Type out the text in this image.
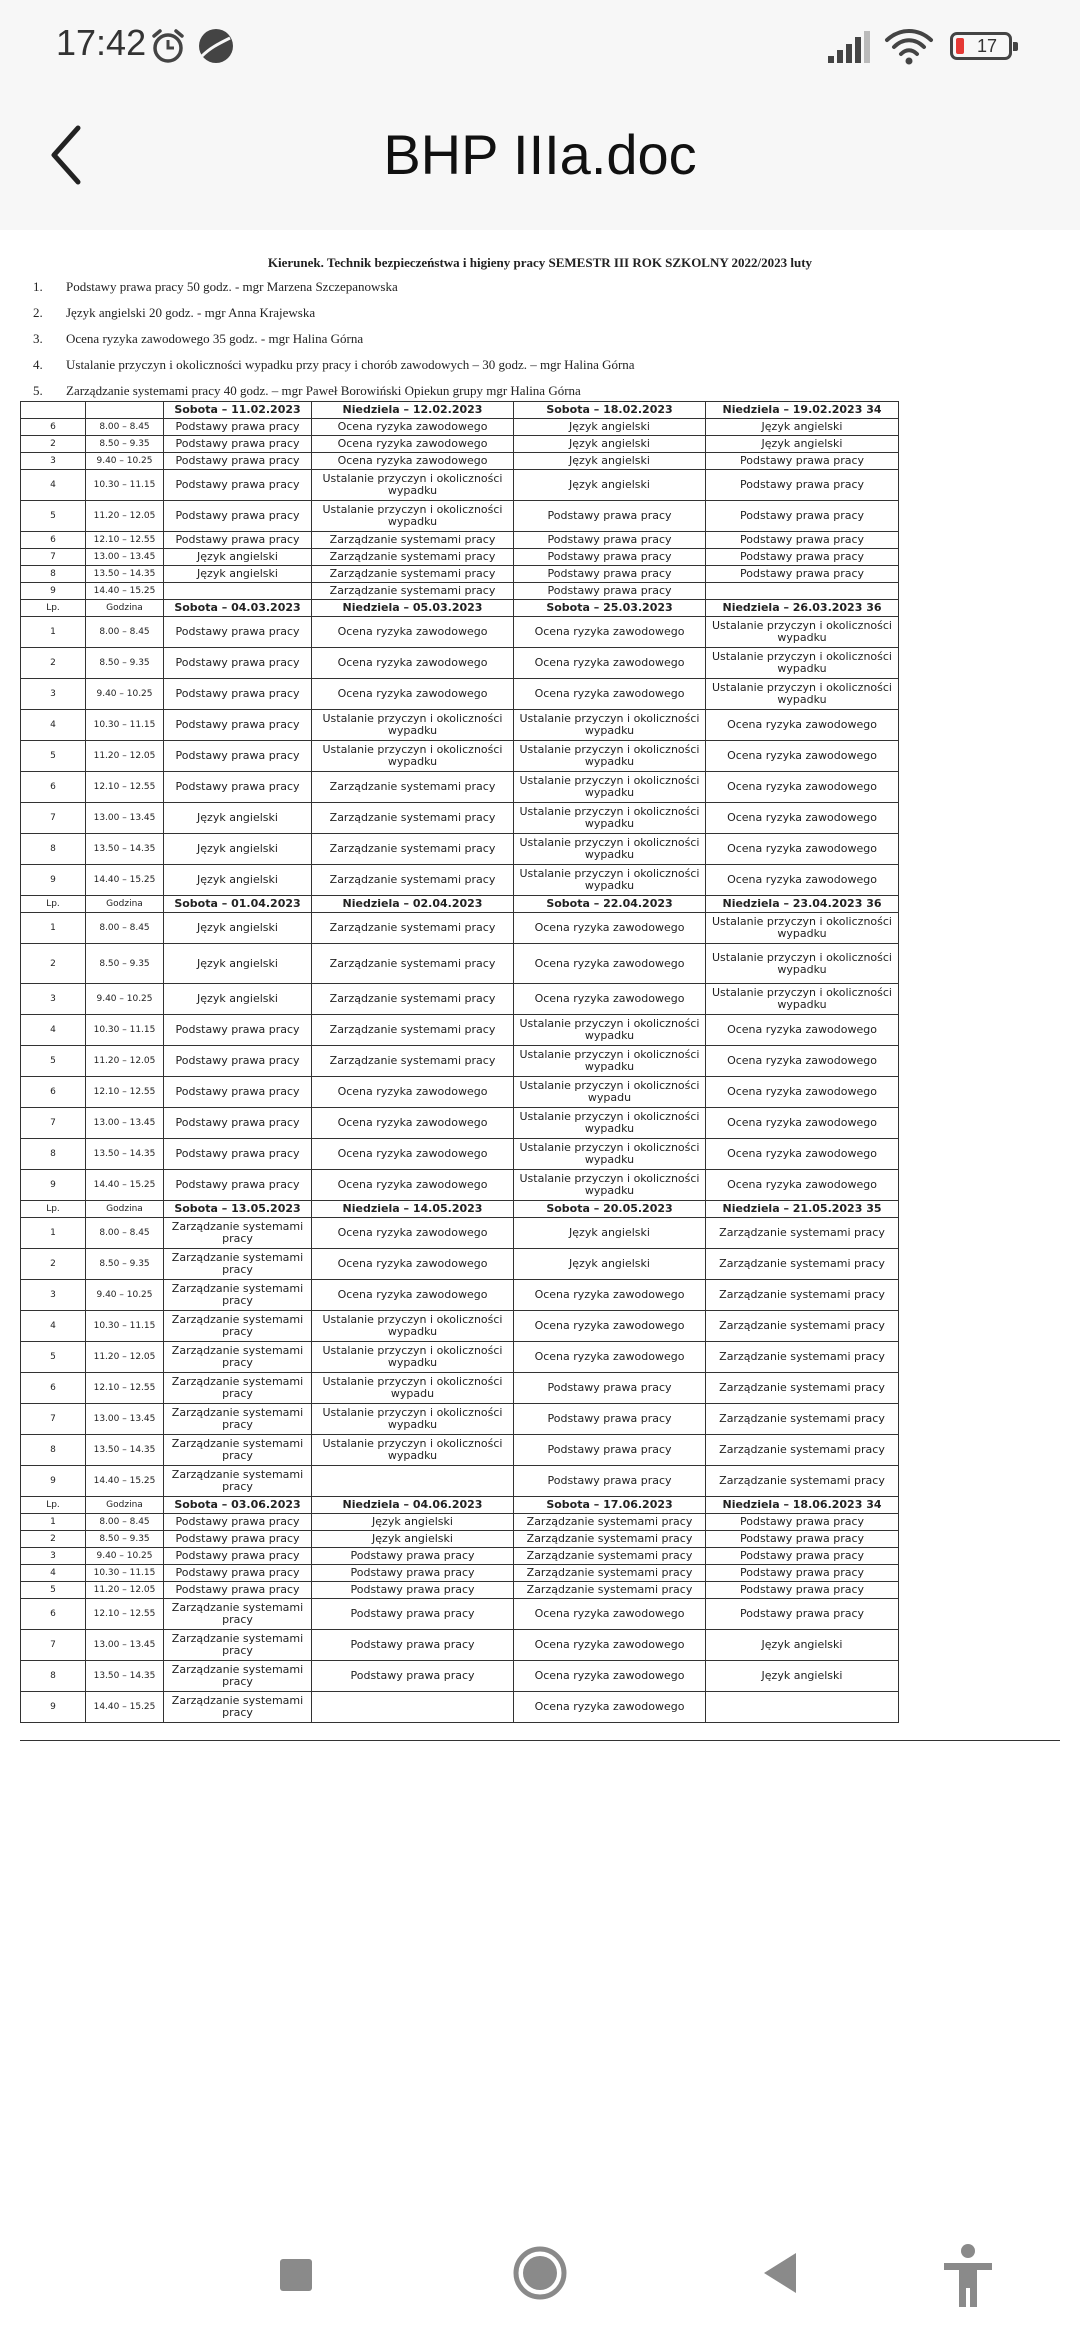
17:42	17
BHP IIIa.doc
Kierunek. Technik bezpieczeństwa i higieny pracy SEMESTR III ROK SZKOLNY 2022/2023 luty
1. Podstawy prawa pracy 50 godz. - mgr Marzena Szczepanowska
2. Język angielski 20 godz. - mgr Anna Krajewska
3. Ocena ryzyka zawodowego 35 godz. - mgr Halina Górna
4. Ustalanie przyczyn i okoliczności wypadku przy pracy i chorób zawodowych – 30 godz. – mgr Halina Górna
5. Zarządzanie systemami pracy 40 godz. – mgr Paweł Borowiński Opiekun grupy mgr Halina Górna
		Sobota – 11.02.2023	Niedziela – 12.02.2023	Sobota – 18.02.2023	Niedziela – 19.02.2023 34
6	8.00 – 8.45	Podstawy prawa pracy	Ocena ryzyka zawodowego	Język angielski	Język angielski
2	8.50 – 9.35	Podstawy prawa pracy	Ocena ryzyka zawodowego	Język angielski	Język angielski
3	9.40 – 10.25	Podstawy prawa pracy	Ocena ryzyka zawodowego	Język angielski	Podstawy prawa pracy
4	10.30 – 11.15	Podstawy prawa pracy	Ustalanie przyczyn i okoliczności wypadku	Język angielski	Podstawy prawa pracy
5	11.20 – 12.05	Podstawy prawa pracy	Ustalanie przyczyn i okoliczności wypadku	Podstawy prawa pracy	Podstawy prawa pracy
6	12.10 – 12.55	Podstawy prawa pracy	Zarządzanie systemami pracy	Podstawy prawa pracy	Podstawy prawa pracy
7	13.00 – 13.45	Język angielski	Zarządzanie systemami pracy	Podstawy prawa pracy	Podstawy prawa pracy
8	13.50 – 14.35	Język angielski	Zarządzanie systemami pracy	Podstawy prawa pracy	Podstawy prawa pracy
9	14.40 – 15.25		Zarządzanie systemami pracy	Podstawy prawa pracy	
Lp.	Godzina	Sobota – 04.03.2023	Niedziela – 05.03.2023	Sobota – 25.03.2023	Niedziela – 26.03.2023 36
1	8.00 – 8.45	Podstawy prawa pracy	Ocena ryzyka zawodowego	Ocena ryzyka zawodowego	Ustalanie przyczyn i okoliczności wypadku
2	8.50 – 9.35	Podstawy prawa pracy	Ocena ryzyka zawodowego	Ocena ryzyka zawodowego	Ustalanie przyczyn i okoliczności wypadku
3	9.40 – 10.25	Podstawy prawa pracy	Ocena ryzyka zawodowego	Ocena ryzyka zawodowego	Ustalanie przyczyn i okoliczności wypadku
4	10.30 – 11.15	Podstawy prawa pracy	Ustalanie przyczyn i okoliczności wypadku	Ustalanie przyczyn i okoliczności wypadku	Ocena ryzyka zawodowego
5	11.20 – 12.05	Podstawy prawa pracy	Ustalanie przyczyn i okoliczności wypadku	Ustalanie przyczyn i okoliczności wypadku	Ocena ryzyka zawodowego
6	12.10 – 12.55	Podstawy prawa pracy	Zarządzanie systemami pracy	Ustalanie przyczyn i okoliczności wypadku	Ocena ryzyka zawodowego
7	13.00 – 13.45	Język angielski	Zarządzanie systemami pracy	Ustalanie przyczyn i okoliczności wypadku	Ocena ryzyka zawodowego
8	13.50 – 14.35	Język angielski	Zarządzanie systemami pracy	Ustalanie przyczyn i okoliczności wypadku	Ocena ryzyka zawodowego
9	14.40 – 15.25	Język angielski	Zarządzanie systemami pracy	Ustalanie przyczyn i okoliczności wypadku	Ocena ryzyka zawodowego
Lp.	Godzina	Sobota – 01.04.2023	Niedziela – 02.04.2023	Sobota – 22.04.2023	Niedziela – 23.04.2023 36
1	8.00 – 8.45	Język angielski	Zarządzanie systemami pracy	Ocena ryzyka zawodowego	Ustalanie przyczyn i okoliczności wypadku
2	8.50 – 9.35	Język angielski	Zarządzanie systemami pracy	Ocena ryzyka zawodowego	Ustalanie przyczyn i okoliczności wypadku
3	9.40 – 10.25	Język angielski	Zarządzanie systemami pracy	Ocena ryzyka zawodowego	Ustalanie przyczyn i okoliczności wypadku
4	10.30 – 11.15	Podstawy prawa pracy	Zarządzanie systemami pracy	Ustalanie przyczyn i okoliczności wypadku	Ocena ryzyka zawodowego
5	11.20 – 12.05	Podstawy prawa pracy	Zarządzanie systemami pracy	Ustalanie przyczyn i okoliczności wypadku	Ocena ryzyka zawodowego
6	12.10 – 12.55	Podstawy prawa pracy	Ocena ryzyka zawodowego	Ustalanie przyczyn i okoliczności wypadu	Ocena ryzyka zawodowego
7	13.00 – 13.45	Podstawy prawa pracy	Ocena ryzyka zawodowego	Ustalanie przyczyn i okoliczności wypadku	Ocena ryzyka zawodowego
8	13.50 – 14.35	Podstawy prawa pracy	Ocena ryzyka zawodowego	Ustalanie przyczyn i okoliczności wypadku	Ocena ryzyka zawodowego
9	14.40 – 15.25	Podstawy prawa pracy	Ocena ryzyka zawodowego	Ustalanie przyczyn i okoliczności wypadku	Ocena ryzyka zawodowego
Lp.	Godzina	Sobota – 13.05.2023	Niedziela – 14.05.2023	Sobota – 20.05.2023	Niedziela – 21.05.2023 35
1	8.00 – 8.45	Zarządzanie systemami pracy	Ocena ryzyka zawodowego	Język angielski	Zarządzanie systemami pracy
2	8.50 – 9.35	Zarządzanie systemami pracy	Ocena ryzyka zawodowego	Język angielski	Zarządzanie systemami pracy
3	9.40 – 10.25	Zarządzanie systemami pracy	Ocena ryzyka zawodowego	Ocena ryzyka zawodowego	Zarządzanie systemami pracy
4	10.30 – 11.15	Zarządzanie systemami pracy	Ustalanie przyczyn i okoliczności wypadku	Ocena ryzyka zawodowego	Zarządzanie systemami pracy
5	11.20 – 12.05	Zarządzanie systemami pracy	Ustalanie przyczyn i okoliczności wypadku	Ocena ryzyka zawodowego	Zarządzanie systemami pracy
6	12.10 – 12.55	Zarządzanie systemami pracy	Ustalanie przyczyn i okoliczności wypadu	Podstawy prawa pracy	Zarządzanie systemami pracy
7	13.00 – 13.45	Zarządzanie systemami pracy	Ustalanie przyczyn i okoliczności wypadku	Podstawy prawa pracy	Zarządzanie systemami pracy
8	13.50 – 14.35	Zarządzanie systemami pracy	Ustalanie przyczyn i okoliczności wypadku	Podstawy prawa pracy	Zarządzanie systemami pracy
9	14.40 – 15.25	Zarządzanie systemami pracy		Podstawy prawa pracy	Zarządzanie systemami pracy
Lp.	Godzina	Sobota – 03.06.2023	Niedziela – 04.06.2023	Sobota – 17.06.2023	Niedziela – 18.06.2023 34
1	8.00 – 8.45	Podstawy prawa pracy	Język angielski	Zarządzanie systemami pracy	Podstawy prawa pracy
2	8.50 – 9.35	Podstawy prawa pracy	Język angielski	Zarządzanie systemami pracy	Podstawy prawa pracy
3	9.40 – 10.25	Podstawy prawa pracy	Podstawy prawa pracy	Zarządzanie systemami pracy	Podstawy prawa pracy
4	10.30 – 11.15	Podstawy prawa pracy	Podstawy prawa pracy	Zarządzanie systemami pracy	Podstawy prawa pracy
5	11.20 – 12.05	Podstawy prawa pracy	Podstawy prawa pracy	Zarządzanie systemami pracy	Podstawy prawa pracy
6	12.10 – 12.55	Zarządzanie systemami pracy	Podstawy prawa pracy	Ocena ryzyka zawodowego	Podstawy prawa pracy
7	13.00 – 13.45	Zarządzanie systemami pracy	Podstawy prawa pracy	Ocena ryzyka zawodowego	Język angielski
8	13.50 – 14.35	Zarządzanie systemami pracy	Podstawy prawa pracy	Ocena ryzyka zawodowego	Język angielski
9	14.40 – 15.25	Zarządzanie systemami pracy		Ocena ryzyka zawodowego	
